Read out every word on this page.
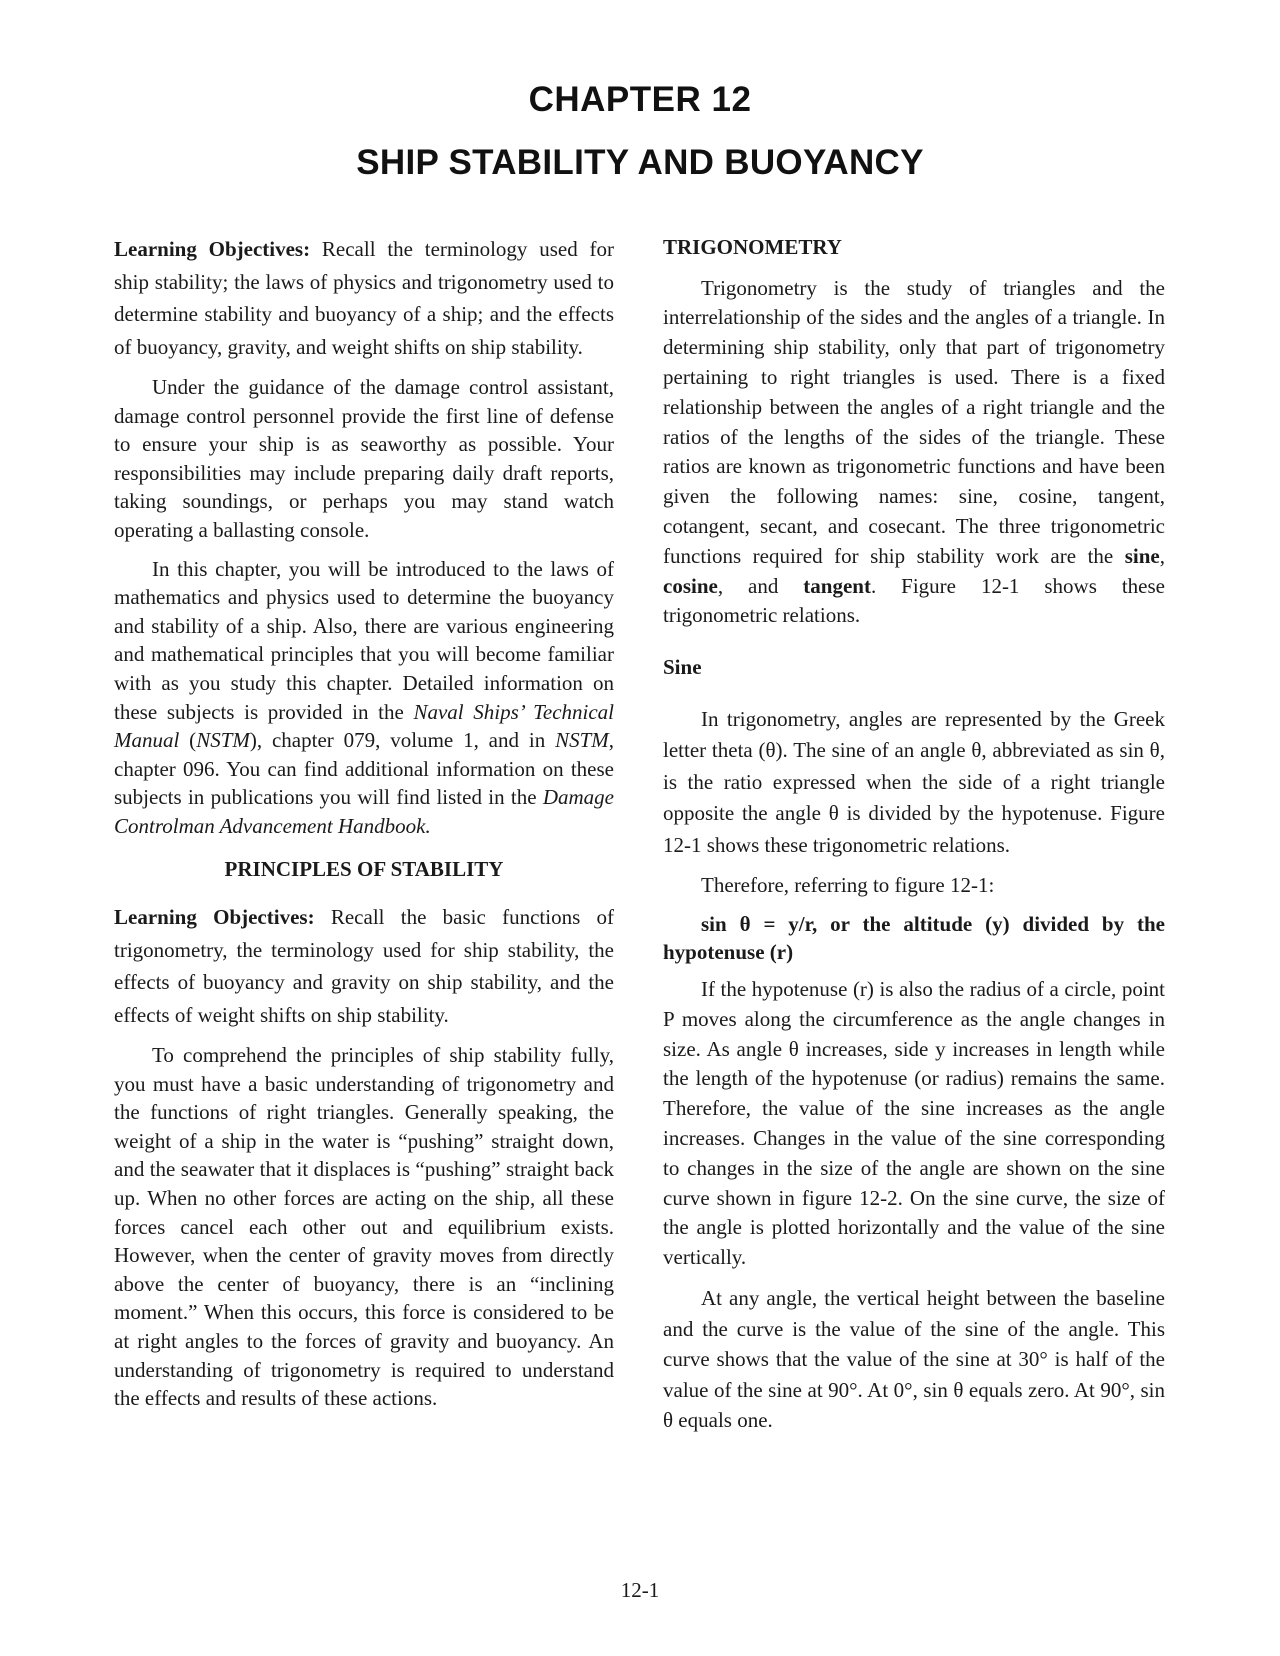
CHAPTER 12
SHIP STABILITY AND BUOYANCY

Learning Objectives: Recall the terminology used for ship stability; the laws of physics and trigonometry used to determine stability and buoyancy of a ship; and the effects of buoyancy, gravity, and weight shifts on ship stability.

Under the guidance of the damage control assistant, damage control personnel provide the first line of defense to ensure your ship is as seaworthy as possible. Your responsibilities may include preparing daily draft reports, taking soundings, or perhaps you may stand watch operating a ballasting console.

In this chapter, you will be introduced to the laws of mathematics and physics used to determine the buoyancy and stability of a ship. Also, there are various engineering and mathematical principles that you will become familiar with as you study this chapter. Detailed information on these subjects is provided in the Naval Ships’ Technical Manual (NSTM), chapter 079, volume 1, and in NSTM, chapter 096. You can find additional information on these subjects in publications you will find listed in the Damage Controlman Advancement Handbook.

PRINCIPLES OF STABILITY

Learning Objectives: Recall the basic functions of trigonometry, the terminology used for ship stability, the effects of buoyancy and gravity on ship stability, and the effects of weight shifts on ship stability.

To comprehend the principles of ship stability fully, you must have a basic understanding of trigonometry and the functions of right triangles. Generally speaking, the weight of a ship in the water is “pushing” straight down, and the seawater that it displaces is “pushing” straight back up. When no other forces are acting on the ship, all these forces cancel each other out and equilibrium exists. However, when the center of gravity moves from directly above the center of buoyancy, there is an “inclining moment.” When this occurs, this force is considered to be at right angles to the forces of gravity and buoyancy. An understanding of trigonometry is required to understand the effects and results of these actions.

TRIGONOMETRY

Trigonometry is the study of triangles and the interrelationship of the sides and the angles of a triangle. In determining ship stability, only that part of trigonometry pertaining to right triangles is used. There is a fixed relationship between the angles of a right triangle and the ratios of the lengths of the sides of the triangle. These ratios are known as trigonometric functions and have been given the following names: sine, cosine, tangent, cotangent, secant, and cosecant. The three trigonometric functions required for ship stability work are the sine, cosine, and tangent. Figure 12-1 shows these trigonometric relations.

Sine

In trigonometry, angles are represented by the Greek letter theta (θ). The sine of an angle θ, abbreviated as sin θ, is the ratio expressed when the side of a right triangle opposite the angle θ is divided by the hypotenuse. Figure 12-1 shows these trigonometric relations.

Therefore, referring to figure 12-1:

sin θ = y/r, or the altitude (y) divided by the hypotenuse (r)

If the hypotenuse (r) is also the radius of a circle, point P moves along the circumference as the angle changes in size. As angle θ increases, side y increases in length while the length of the hypotenuse (or radius) remains the same. Therefore, the value of the sine increases as the angle increases. Changes in the value of the sine corresponding to changes in the size of the angle are shown on the sine curve shown in figure 12-2. On the sine curve, the size of the angle is plotted horizontally and the value of the sine vertically.

At any angle, the vertical height between the baseline and the curve is the value of the sine of the angle. This curve shows that the value of the sine at 30° is half of the value of the sine at 90°. At 0°, sin θ equals zero. At 90°, sin θ equals one.

12-1
